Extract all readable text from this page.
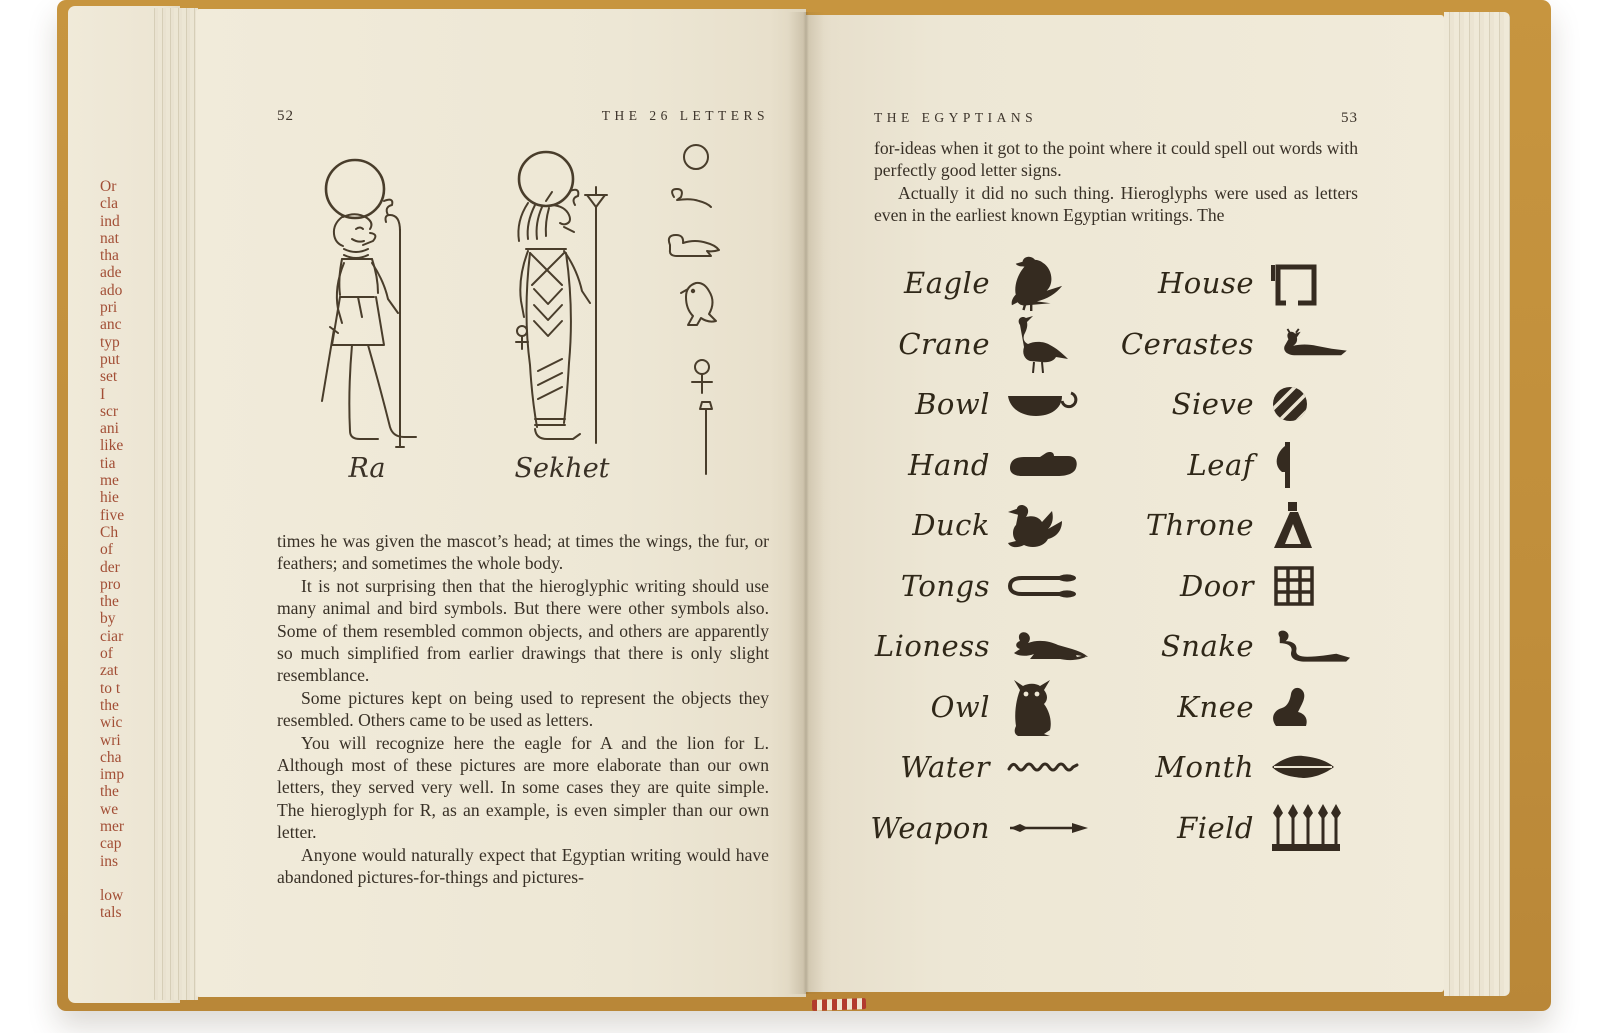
Or
cla
ind
nat
tha
ade
ado
pri
anc
typ
put
set
I
scr
ani
like
tia
me
hie
five
Ch
of
der
pro
the
by
ciar
of
zat
to t
the
wic
wri
cha
imp
the
we
mer
cap
ins

low
tals
52	THE 26 LETTERS
Ra	Sekhet

times he was given the mascot’s head; at times the wings, the fur, or feathers; and sometimes the whole body.

It is not surprising then that the hieroglyphic writing should use many animal and bird symbols. But there were other symbols also. Some of them resembled common objects, and others are apparently so much simplified from earlier drawings that there is only slight resemblance.

Some pictures kept on being used to represent the objects they resembled. Others came to be used as letters.

You will recognize here the eagle for A and the lion for L. Although most of these pictures are more elaborate than our own letters, they served very well. In some cases they are quite simple. The hieroglyph for R, as an example, is even simpler than our own letter.

Anyone would naturally expect that Egyptian writing would have abandoned pictures-for-things and pictures-

THE EGYPTIANS	53

for-ideas when it got to the point where it could spell out words with perfectly good letter signs.

Actually it did no such thing. Hieroglyphs were used as letters even in the earliest known Egyptian writings. The

Eagle	House
Crane	Cerastes
Bowl	Sieve
Hand	Leaf
Duck	Throne
Tongs	Door
Lioness	Snake
Owl	Knee
Water	Month
Weapon	Field
